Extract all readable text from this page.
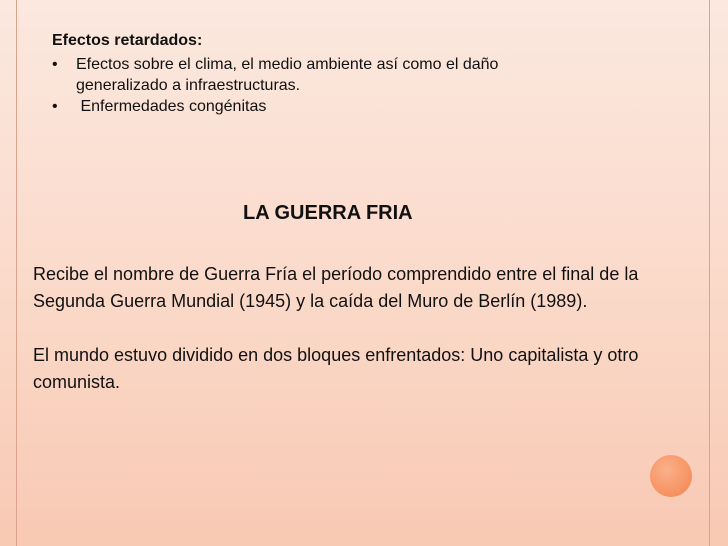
Efectos retardados:
• Efectos sobre el clima, el medio ambiente así como el daño generalizado a infraestructuras.
• Enfermedades congénitas
LA GUERRA FRIA
Recibe el nombre de Guerra Fría el período comprendido entre el final de la Segunda Guerra Mundial (1945) y la caída del Muro de Berlín (1989).
El mundo estuvo dividido en dos bloques enfrentados: Uno capitalista y otro comunista.
